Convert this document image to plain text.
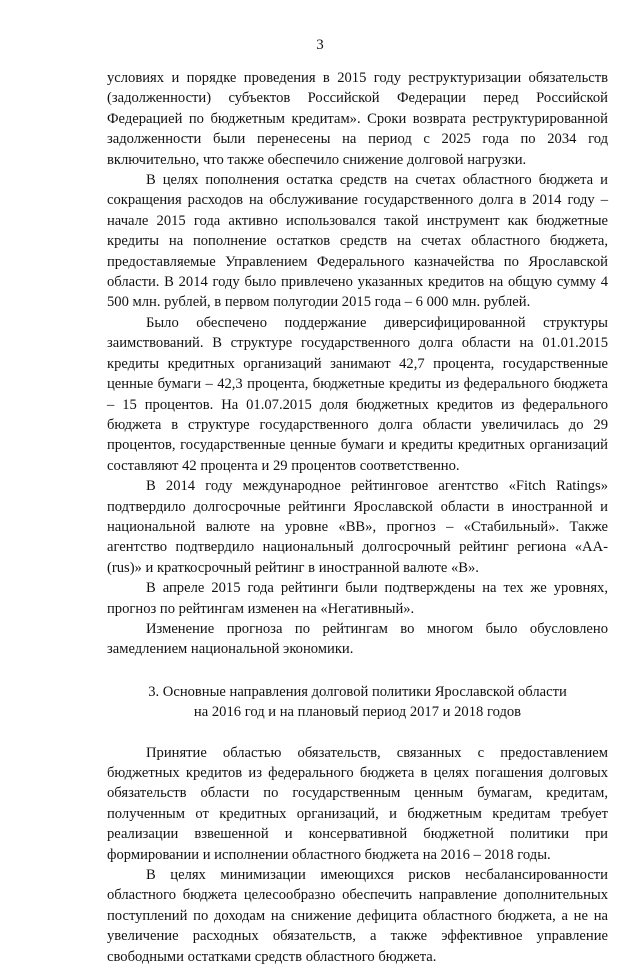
3

условиях и порядке проведения в 2015 году реструктуризации обязательств (задолженности) субъектов Российской Федерации перед Российской Федерацией по бюджетным кредитам». Сроки возврата реструктурированной задолженности были перенесены на период с 2025 года по 2034 год включительно, что также обеспечило снижение долговой нагрузки.

В целях пополнения остатка средств на счетах областного бюджета и сокращения расходов на обслуживание государственного долга в 2014 году – начале 2015 года активно использовался такой инструмент как бюджетные кредиты на пополнение остатков средств на счетах областного бюджета, предоставляемые Управлением Федерального казначейства по Ярославской области. В 2014 году было привлечено указанных кредитов на общую сумму 4 500 млн. рублей, в первом полугодии 2015 года – 6 000 млн. рублей.

Было обеспечено поддержание диверсифицированной структуры заимствований. В структуре государственного долга области на 01.01.2015 кредиты кредитных организаций занимают 42,7 процента, государственные ценные бумаги – 42,3 процента, бюджетные кредиты из федерального бюджета – 15 процентов. На 01.07.2015 доля бюджетных кредитов из федерального бюджета в структуре государственного долга области увеличилась до 29 процентов, государственные ценные бумаги и кредиты кредитных организаций составляют 42 процента и 29 процентов соответственно.

В 2014 году международное рейтинговое агентство «Fitch Ratings» подтвердило долгосрочные рейтинги Ярославской области в иностранной и национальной валюте на уровне «BB», прогноз – «Стабильный». Также агентство подтвердило национальный долгосрочный рейтинг региона «AA-(rus)» и краткосрочный рейтинг в иностранной валюте «B».

В апреле 2015 года рейтинги были подтверждены на тех же уровнях, прогноз по рейтингам изменен на «Негативный».

Изменение прогноза по рейтингам во многом было обусловлено замедлением национальной экономики.

3. Основные направления долговой политики Ярославской области
на 2016 год и на плановый период 2017 и 2018 годов

Принятие областью обязательств, связанных с предоставлением бюджетных кредитов из федерального бюджета в целях погашения долговых обязательств области по государственным ценным бумагам, кредитам, полученным от кредитных организаций, и бюджетным кредитам требует реализации взвешенной и консервативной бюджетной политики при формировании и исполнении областного бюджета на 2016 – 2018 годы.

В целях минимизации имеющихся рисков несбалансированности областного бюджета целесообразно обеспечить направление дополнительных поступлений по доходам на снижение дефицита областного бюджета, а не на увеличение расходных обязательств, а также эффективное управление свободными остатками средств областного бюджета.
